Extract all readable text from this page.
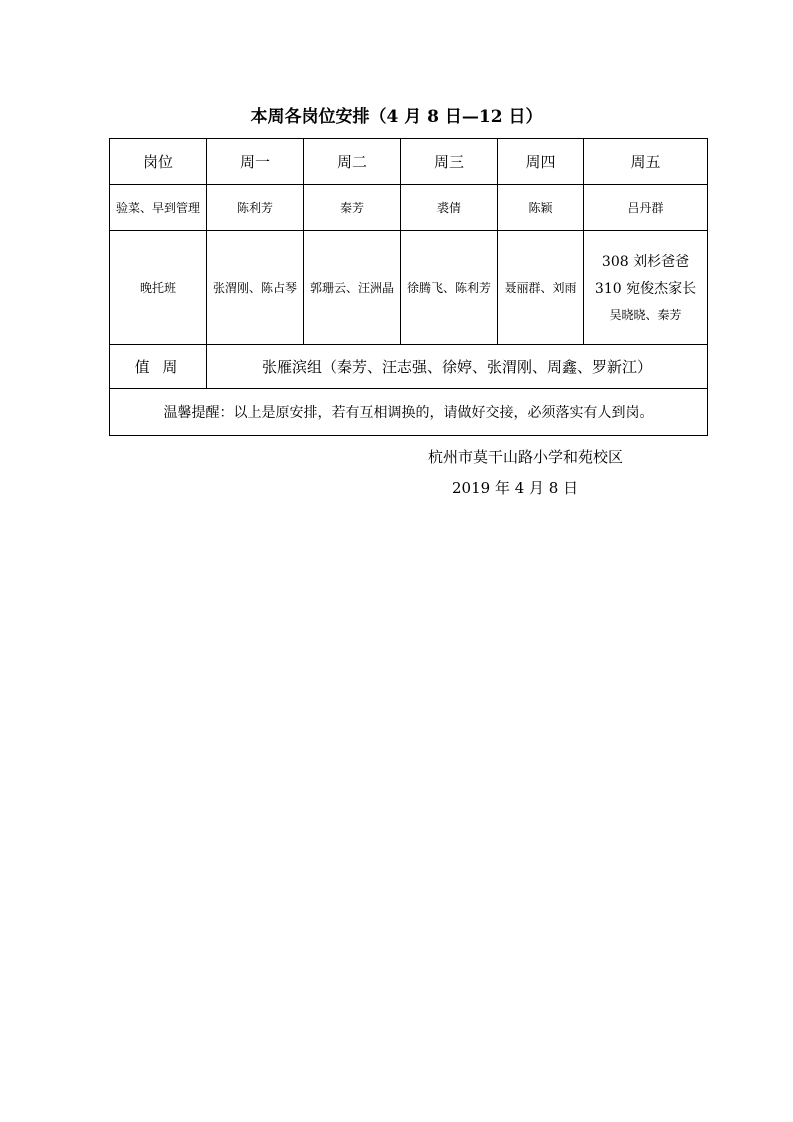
本周各岗位安排（4 月 8 日—12 日）
岗位	周一	周二	周三	周四	周五
验菜、早到管理	陈利芳	秦芳	裘倩	陈颖	吕丹群
晚托班	张渭刚、陈占琴	郭珊云、汪洲晶	徐腾飞、陈利芳	聂丽群、刘雨	308 刘杉爸爸
310 宛俊杰家长
吴晓晓、秦芳

值 周	张雁滨组（秦芳、汪志强、徐婷、张渭刚、周鑫、罗新江）				
温馨提醒：以上是原安排，若有互相调换的，请做好交接，必须落实有人到岗。					
杭州市莫干山路小学和苑校区
2019 年 4 月 8 日
